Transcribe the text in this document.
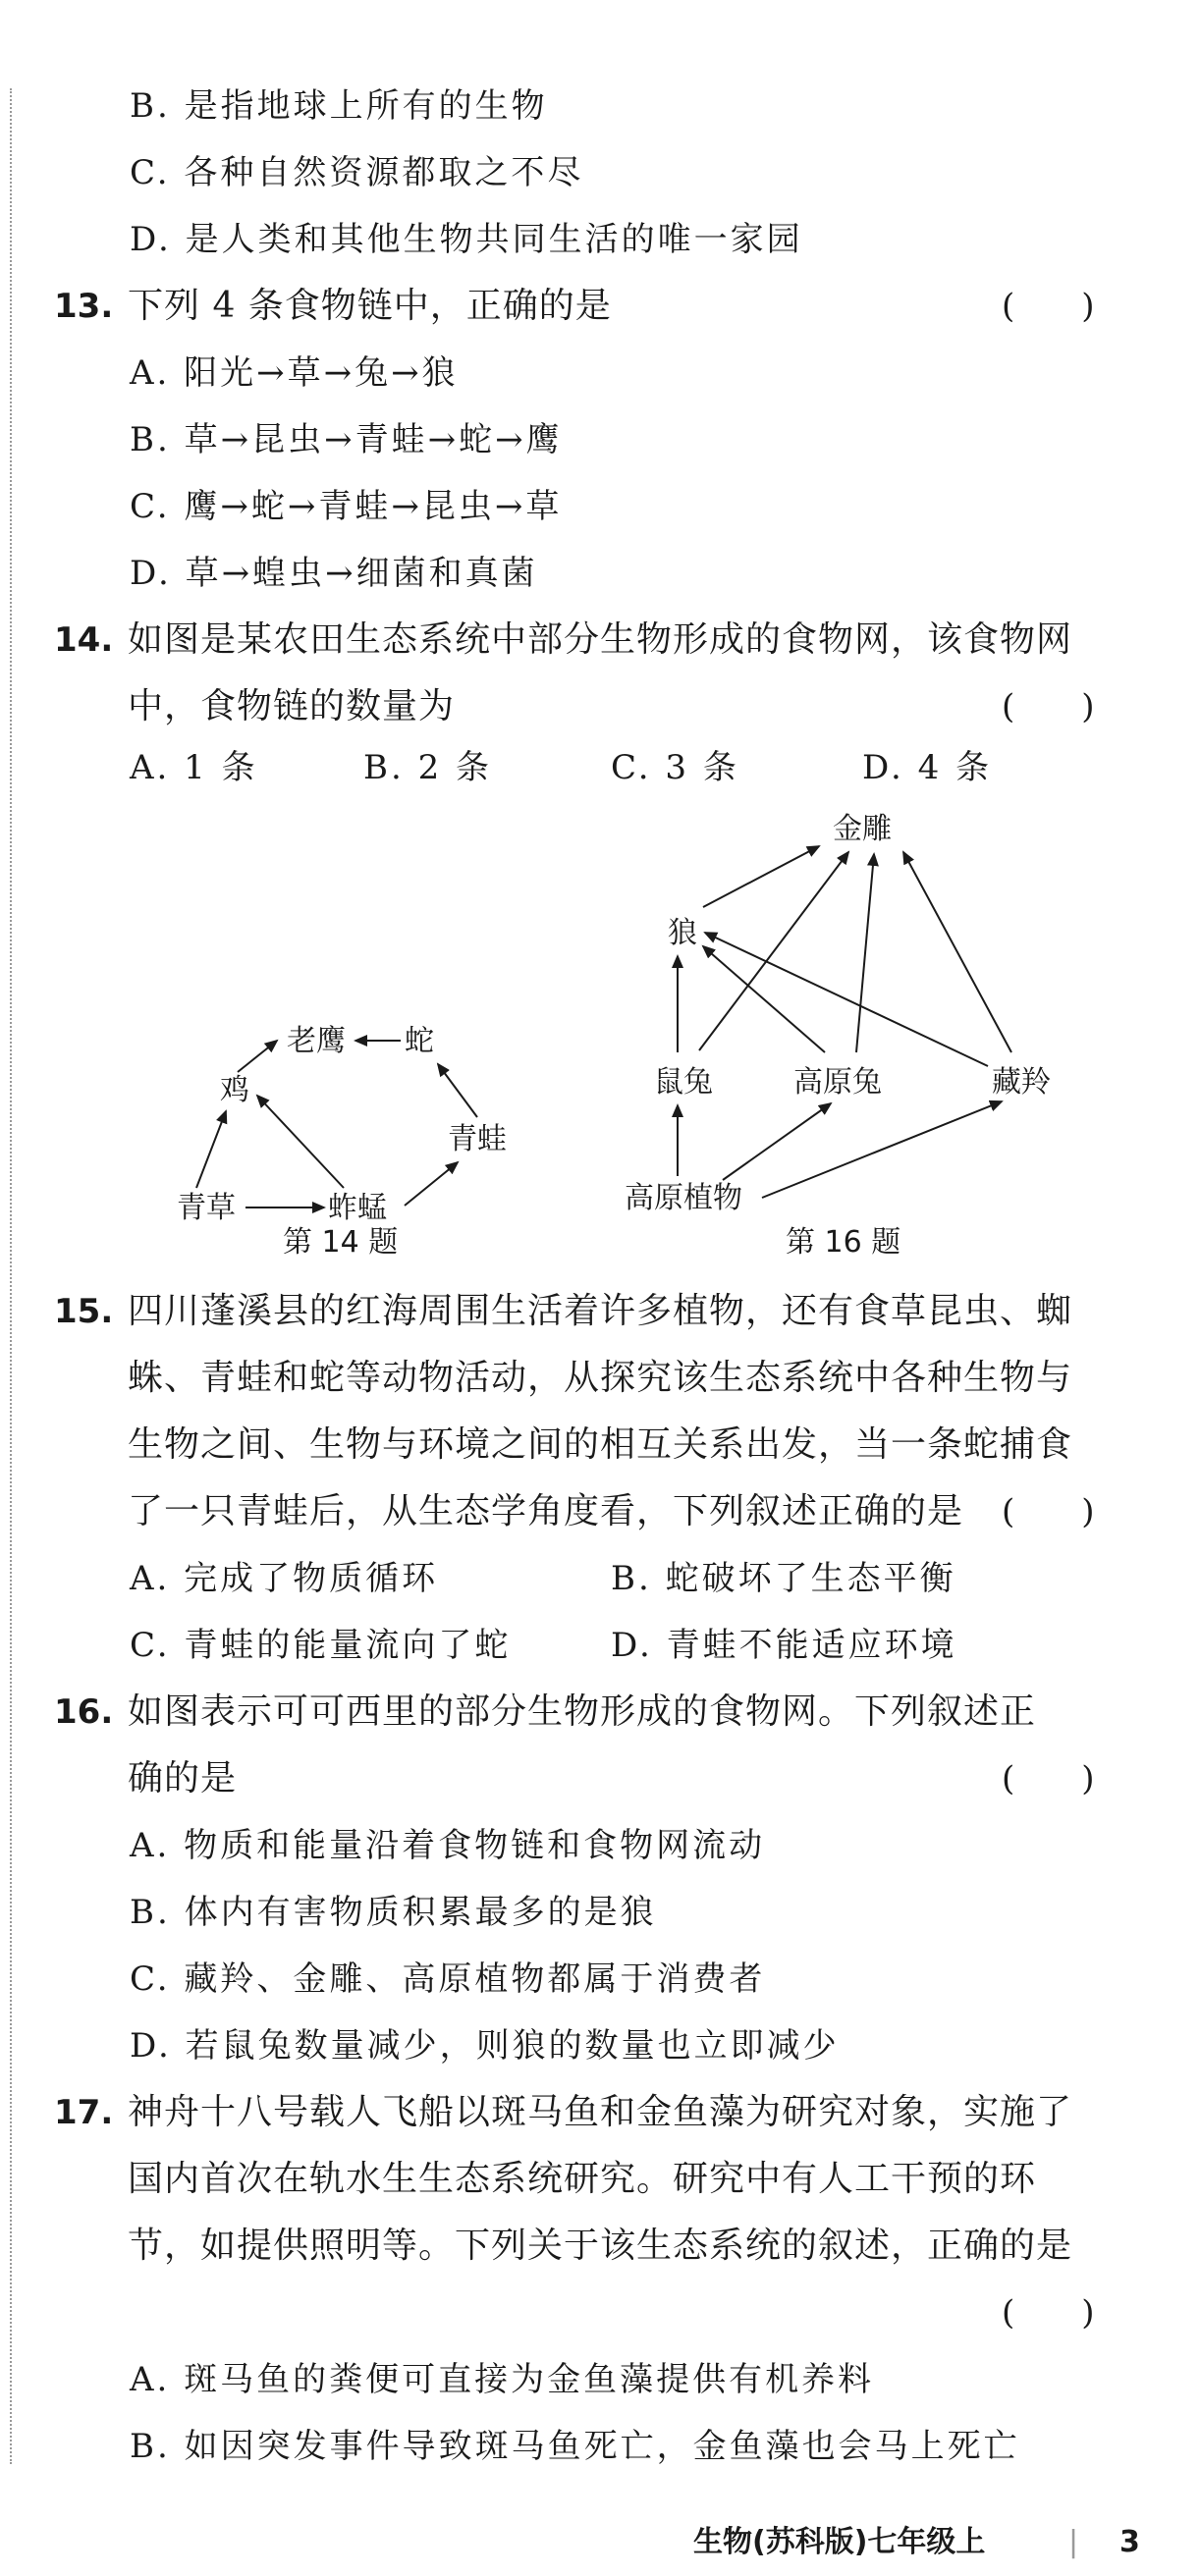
B. 是指地球上所有的生物
C. 各种自然资源都取之不尽
D. 是人类和其他生物共同生活的唯一家园
13. 下列 4 条食物链中，正确的是	(　　)
A. 阳光→草→兔→狼
B. 草→昆虫→青蛙→蛇→鹰
C. 鹰→蛇→青蛙→昆虫→草
D. 草→蝗虫→细菌和真菌
14. 如图是某农田生态系统中部分生物形成的食物网，该食物网
中，食物链的数量为	(　　)
A. 1 条	B. 2 条	C. 3 条	D. 4 条
老鹰 蛇
鸡
青蛙
青草	蚱蜢
金雕
狼
鼠兔	高原兔	藏羚
高原植物
第 14 题	第 16 题
15. 四川蓬溪县的红海周围生活着许多植物，还有食草昆虫、蜘
蛛、青蛙和蛇等动物活动，从探究该生态系统中各种生物与
生物之间、生物与环境之间的相互关系出发，当一条蛇捕食
了一只青蛙后，从生态学角度看，下列叙述正确的是 (　　)
A. 完成了物质循环	B. 蛇破坏了生态平衡
C. 青蛙的能量流向了蛇	D. 青蛙不能适应环境
16. 如图表示可可西里的部分生物形成的食物网。下列叙述正
确的是	(　　)
A. 物质和能量沿着食物链和食物网流动
B. 体内有害物质积累最多的是狼
C. 藏羚、金雕、高原植物都属于消费者
D. 若鼠兔数量减少，则狼的数量也立即减少
17. 神舟十八号载人飞船以斑马鱼和金鱼藻为研究对象，实施了
国内首次在轨水生生态系统研究。研究中有人工干预的环
节，如提供照明等。下列关于该生态系统的叙述，正确的是
(　　)
A. 斑马鱼的粪便可直接为金鱼藻提供有机养料
B. 如因突发事件导致斑马鱼死亡，金鱼藻也会马上死亡
生物(苏科版)七年级上	| 3
